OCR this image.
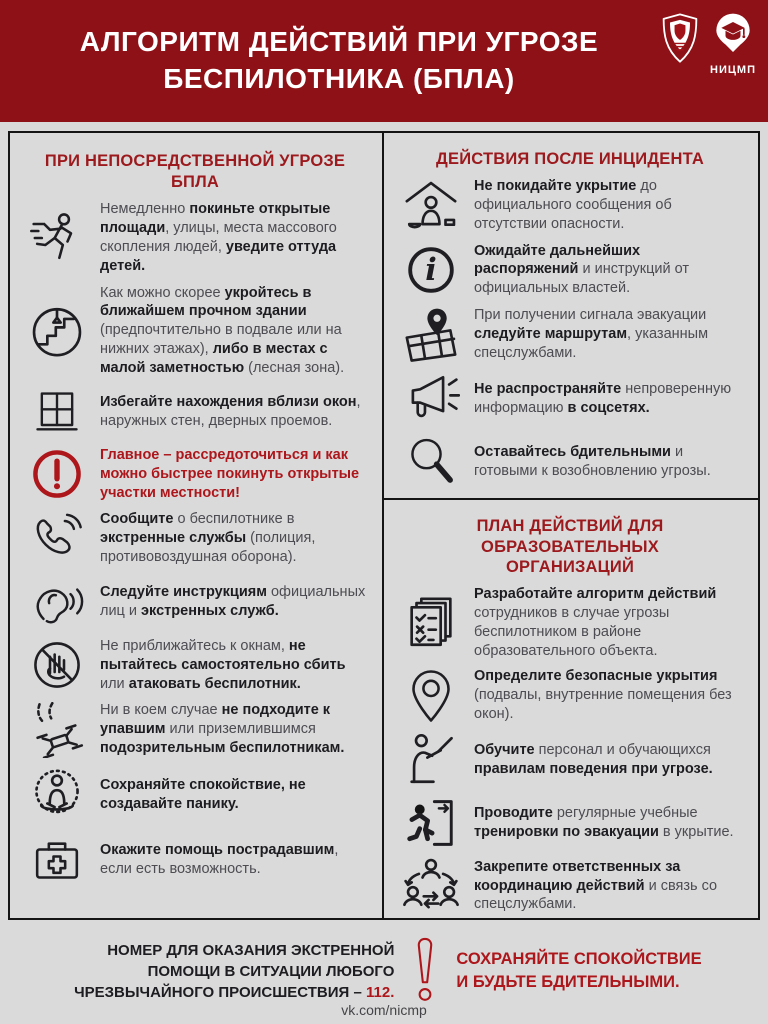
АЛГОРИТМ ДЕЙСТВИЙ ПРИ УГРОЗЕ
БЕСПИЛОТНИКА (БПЛА)	НИЦМП
ПРИ НЕПОСРЕДСТВЕННОЙ УГРОЗЕ БПЛА
Немедленно покиньте открытые площади, улицы, места массового скопления людей, уведите оттуда детей.
Как можно скорее укройтесь в ближайшем прочном здании (предпочтительно в подвале или на нижних этажах), либо в местах с малой заметностью (лесная зона).
Избегайте нахождения вблизи окон, наружных стен, дверных проемов.
Главное – рассредоточиться и как можно быстрее покинуть открытые участки местности!
Сообщите о беспилотнике в экстренные службы (полиция, противовоздушная оборона).
Следуйте инструкциям официальных лиц и экстренных служб.
Не приближайтесь к окнам, не пытайтесь самостоятельно сбить или атаковать беспилотник.
Ни в коем случае не подходите к упавшим или приземлившимся подозрительным беспилотникам.
Сохраняйте спокойствие, не создавайте панику.
Окажите помощь пострадавшим, если есть возможность.
ДЕЙСТВИЯ ПОСЛЕ ИНЦИДЕНТА
Не покидайте укрытие до официального сообщения об отсутствии опасности.
i
Ожидайте дальнейших распоряжений и инструкций от официальных властей.
При получении сигнала эвакуации следуйте маршрутам, указанным спецслужбами.
Не распространяйте непроверенную информацию в соцсетях.
Оставайтесь бдительными и готовыми к возобновлению угрозы.
ПЛАН ДЕЙСТВИЙ ДЛЯ ОБРАЗОВАТЕЛЬНЫХ ОРГАНИЗАЦИЙ
Разработайте алгоритм действий сотрудников в случае угрозы беспилотником в районе образовательного объекта.
Определите безопасные укрытия (подвалы, внутренние помещения без окон).
Обучите персонал и обучающихся правилам поведения при угрозе.
Проводите регулярные учебные тренировки по эвакуации в укрытие.
Закрепите ответственных за координацию действий и связь со спецслужбами.
НОМЕР ДЛЯ ОКАЗАНИЯ ЭКСТРЕННОЙ ПОМОЩИ В СИТУАЦИИ ЛЮБОГО ЧРЕЗВЫЧАЙНОГО ПРОИСШЕСТВИЯ – 112.
СОХРАНЯЙТЕ СПОКОЙСТВИЕ
И БУДЬТЕ БДИТЕЛЬНЫМИ.
vk.com/nicmp
